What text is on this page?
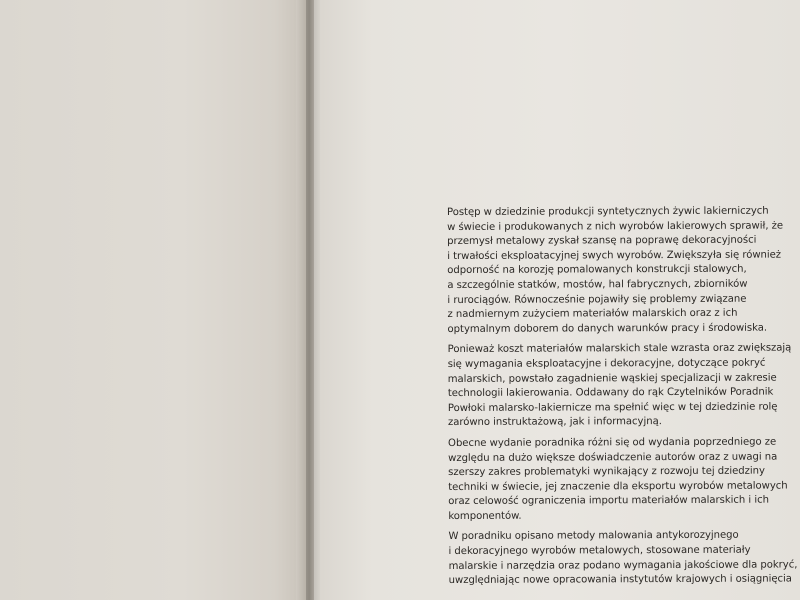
Postęp w dziedzinie produkcji syntetycznych żywic lakierniczych
w świecie i produkowanych z nich wyrobów lakierowych sprawił, że
przemysł metalowy zyskał szansę na poprawę dekoracyjności
i trwałości eksploatacyjnej swych wyrobów. Zwiększyła się również
odporność na korozję pomalowanych konstrukcji stalowych,
a szczególnie statków, mostów, hal fabrycznych, zbiorników
i rurociągów. Równocześnie pojawiły się problemy związane
z nadmiernym zużyciem materiałów malarskich oraz z ich
optymalnym doborem do danych warunków pracy i środowiska.

Ponieważ koszt materiałów malarskich stale wzrasta oraz zwiększają
się wymagania eksploatacyjne i dekoracyjne, dotyczące pokryć
malarskich, powstało zagadnienie wąskiej specjalizacji w zakresie
technologii lakierowania. Oddawany do rąk Czytelników Poradnik
Powłoki malarsko-lakiernicze ma spełnić więc w tej dziedzinie rolę
zarówno instruktażową, jak i informacyjną.

Obecne wydanie poradnika różni się od wydania poprzedniego ze
względu na dużo większe doświadczenie autorów oraz z uwagi na
szerszy zakres problematyki wynikający z rozwoju tej dziedziny
techniki w świecie, jej znaczenie dla eksportu wyrobów metalowych
oraz celowość ograniczenia importu materiałów malarskich i ich
komponentów.

W poradniku opisano metody malowania antykorozyjnego
i dekoracyjnego wyrobów metalowych, stosowane materiały
malarskie i narzędzia oraz podano wymagania jakościowe dla pokryć,
uwzględniając nowe opracowania instytutów krajowych i osiągnięcia
